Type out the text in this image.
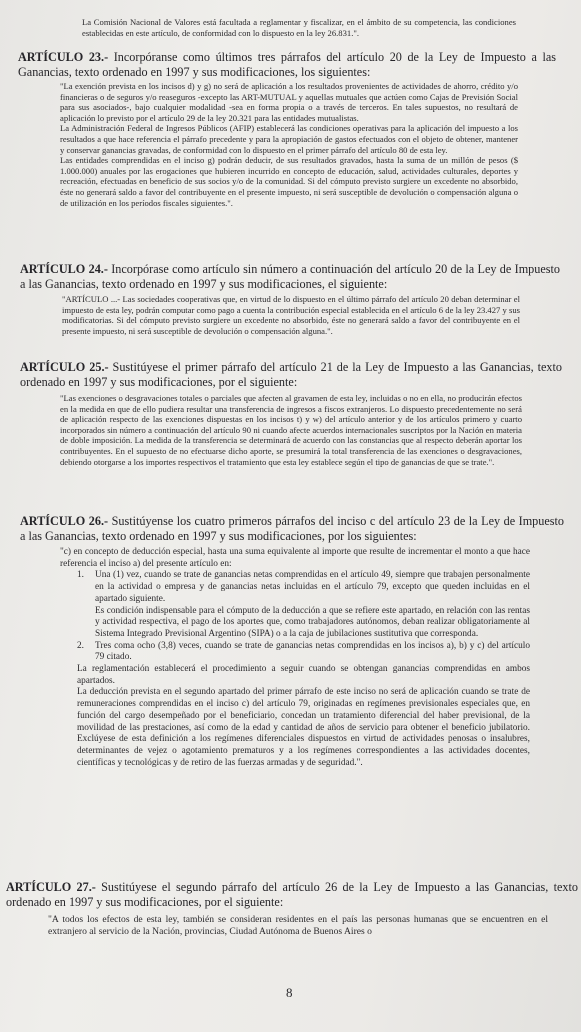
La Comisión Nacional de Valores está facultada a reglamentar y fiscalizar, en el ámbito de su competencia, las condiciones establecidas en este artículo, de conformidad con lo dispuesto en la ley 26.831.".

ARTÍCULO 23.- Incorpóranse como últimos tres párrafos del artículo 20 de la Ley de Impuesto a las Ganancias, texto ordenado en 1997 y sus modificaciones, los siguientes:

"La exención prevista en los incisos d) y g) no será de aplicación a los resultados provenientes de actividades de ahorro, crédito y/o financieras o de seguros y/o reaseguros -excepto las ART-MUTUAL y aquellas mutuales que actúen como Cajas de Previsión Social para sus asociados-, bajo cualquier modalidad -sea en forma propia o a través de terceros. En tales supuestos, no resultará de aplicación lo previsto por el artículo 29 de la ley 20.321 para las entidades mutualistas.

La Administración Federal de Ingresos Públicos (AFIP) establecerá las condiciones operativas para la aplicación del impuesto a los resultados a que hace referencia el párrafo precedente y para la apropiación de gastos efectuados con el objeto de obtener, mantener y conservar ganancias gravadas, de conformidad con lo dispuesto en el primer párrafo del artículo 80 de esta ley.

Las entidades comprendidas en el inciso g) podrán deducir, de sus resultados gravados, hasta la suma de un millón de pesos ($ 1.000.000) anuales por las erogaciones que hubieren incurrido en concepto de educación, salud, actividades culturales, deportes y recreación, efectuadas en beneficio de sus socios y/o de la comunidad. Si del cómputo previsto surgiere un excedente no absorbido, éste no generará saldo a favor del contribuyente en el presente impuesto, ni será susceptible de devolución o compensación alguna o de utilización en los períodos fiscales siguientes.".

ARTÍCULO 24.- Incorpórase como artículo sin número a continuación del artículo 20 de la Ley de Impuesto a las Ganancias, texto ordenado en 1997 y sus modificaciones, el siguiente:

"ARTÍCULO ...- Las sociedades cooperativas que, en virtud de lo dispuesto en el último párrafo del artículo 20 deban determinar el impuesto de esta ley, podrán computar como pago a cuenta la contribución especial establecida en el artículo 6 de la ley 23.427 y sus modificatorias. Si del cómputo previsto surgiere un excedente no absorbido, éste no generará saldo a favor del contribuyente en el presente impuesto, ni será susceptible de devolución o compensación alguna.".

ARTÍCULO 25.- Sustitúyese el primer párrafo del artículo 21 de la Ley de Impuesto a las Ganancias, texto ordenado en 1997 y sus modificaciones, por el siguiente:

"Las exenciones o desgravaciones totales o parciales que afecten al gravamen de esta ley, incluidas o no en ella, no producirán efectos en la medida en que de ello pudiera resultar una transferencia de ingresos a fiscos extranjeros. Lo dispuesto precedentemente no será de aplicación respecto de las exenciones dispuestas en los incisos t) y w) del artículo anterior y de los artículos primero y cuarto incorporados sin número a continuación del artículo 90 ni cuando afecte acuerdos internacionales suscriptos por la Nación en materia de doble imposición. La medida de la transferencia se determinará de acuerdo con las constancias que al respecto deberán aportar los contribuyentes. En el supuesto de no efectuarse dicho aporte, se presumirá la total transferencia de las exenciones o desgravaciones, debiendo otorgarse a los importes respectivos el tratamiento que esta ley establece según el tipo de ganancias de que se trate.".

ARTÍCULO 26.- Sustitúyense los cuatro primeros párrafos del inciso c del artículo 23 de la Ley de Impuesto a las Ganancias, texto ordenado en 1997 y sus modificaciones, por los siguientes:

"c) en concepto de deducción especial, hasta una suma equivalente al importe que resulte de incrementar el monto a que hace referencia el inciso a) del presente artículo en:

1. Una (1) vez, cuando se trate de ganancias netas comprendidas en el artículo 49, siempre que trabajen personalmente en la actividad o empresa y de ganancias netas incluidas en el artículo 79, excepto que queden incluidas en el apartado siguiente.

Es condición indispensable para el cómputo de la deducción a que se refiere este apartado, en relación con las rentas y actividad respectiva, el pago de los aportes que, como trabajadores autónomos, deban realizar obligatoriamente al Sistema Integrado Previsional Argentino (SIPA) o a la caja de jubilaciones sustitutiva que corresponda.

2. Tres coma ocho (3,8) veces, cuando se trate de ganancias netas comprendidas en los incisos a), b) y c) del artículo 79 citado.

La reglamentación establecerá el procedimiento a seguir cuando se obtengan ganancias comprendidas en ambos apartados.

La deducción prevista en el segundo apartado del primer párrafo de este inciso no será de aplicación cuando se trate de remuneraciones comprendidas en el inciso c) del artículo 79, originadas en regímenes previsionales especiales que, en función del cargo desempeñado por el beneficiario, concedan un tratamiento diferencial del haber previsional, de la movilidad de las prestaciones, así como de la edad y cantidad de años de servicio para obtener el beneficio jubilatorio. Exclúyese de esta definición a los regímenes diferenciales dispuestos en virtud de actividades penosas o insalubres, determinantes de vejez o agotamiento prematuros y a los regímenes correspondientes a las actividades docentes, científicas y tecnológicas y de retiro de las fuerzas armadas y de seguridad.".

ARTÍCULO 27.- Sustitúyese el segundo párrafo del artículo 26 de la Ley de Impuesto a las Ganancias, texto ordenado en 1997 y sus modificaciones, por el siguiente:

"A todos los efectos de esta ley, también se consideran residentes en el país las personas humanas que se encuentren en el extranjero al servicio de la Nación, provincias, Ciudad Autónoma de Buenos Aires o

8
